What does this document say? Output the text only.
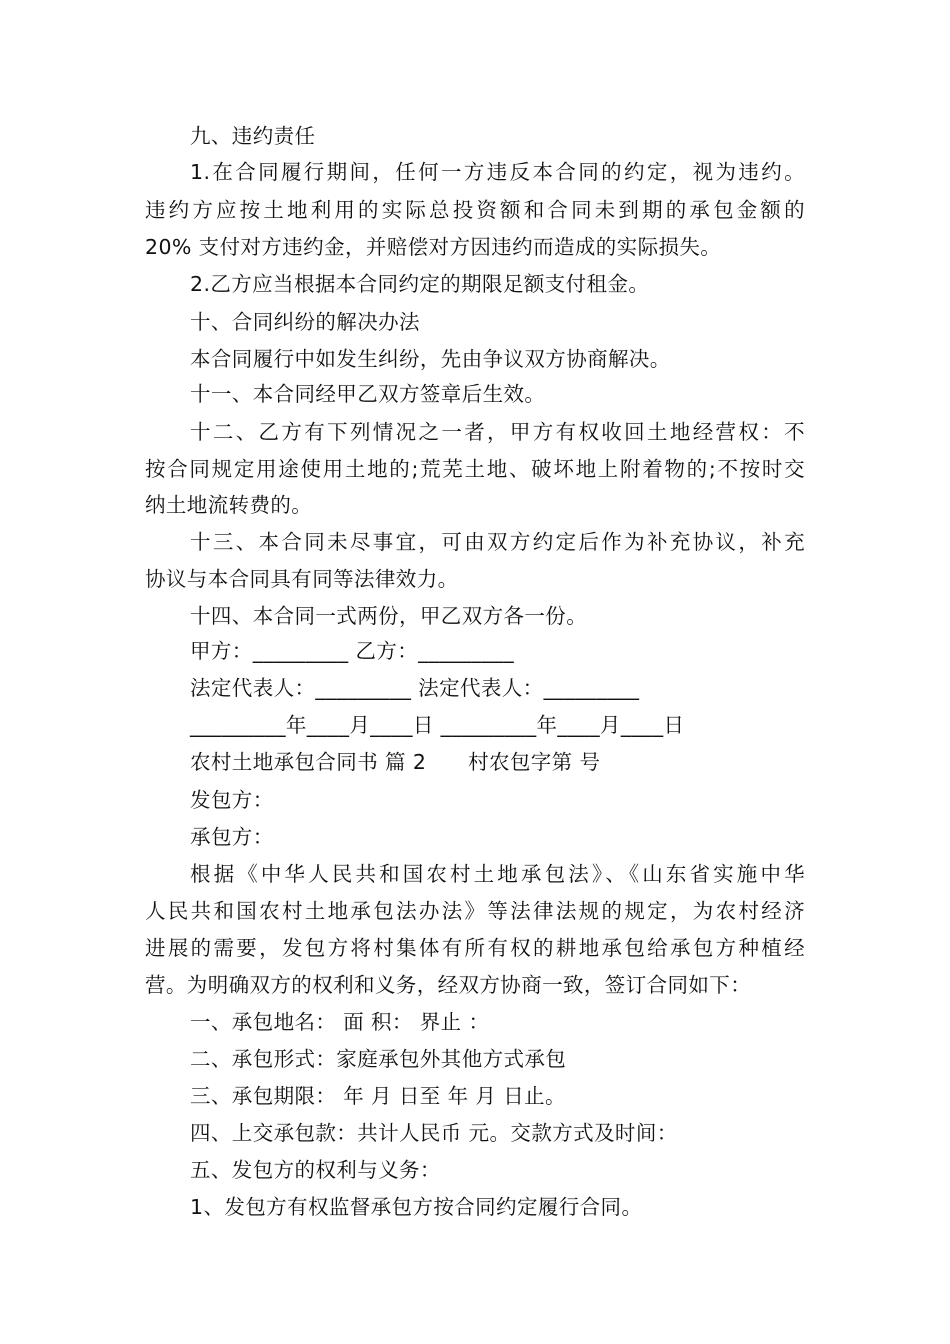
九、违约责任
1.在合同履行期间，任何一方违反本合同的约定，视为违约。
违约方应按土地利用的实际总投资额和合同未到期的承包金额的
20% 支付对方违约金，并赔偿对方因违约而造成的实际损失。
2.乙方应当根据本合同约定的期限足额支付租金。
十、合同纠纷的解决办法
本合同履行中如发生纠纷，先由争议双方协商解决。
十一、本合同经甲乙双方签章后生效。
十二、乙方有下列情况之一者，甲方有权收回土地经营权：不
按合同规定用途使用土地的;荒芜土地、破坏地上附着物的;不按时交
纳土地流转费的。
十三、本合同未尽事宜，可由双方约定后作为补充协议，补充
协议与本合同具有同等法律效力。
十四、本合同一式两份，甲乙双方各一份。
甲方：_________ 乙方：_________
法定代表人：_________ 法定代表人：_________
_________年____月____日 _________年____月____日
农村土地承包合同书 篇 2　　村农包字第 号
发包方：
承包方：
根据《中华人民共和国农村土地承包法》、《山东省实施中华
人民共和国农村土地承包法办法》等法律法规的规定，为农村经济
进展的需要，发包方将村集体有所有权的耕地承包给承包方种植经
营。为明确双方的权利和义务，经双方协商一致，签订合同如下：
一、承包地名： 面 积： 界止 ：
二、承包形式：家庭承包外其他方式承包
三、承包期限： 年 月 日至 年 月 日止。
四、上交承包款：共计人民币 元。交款方式及时间：
五、发包方的权利与义务：
1、发包方有权监督承包方按合同约定履行合同。
